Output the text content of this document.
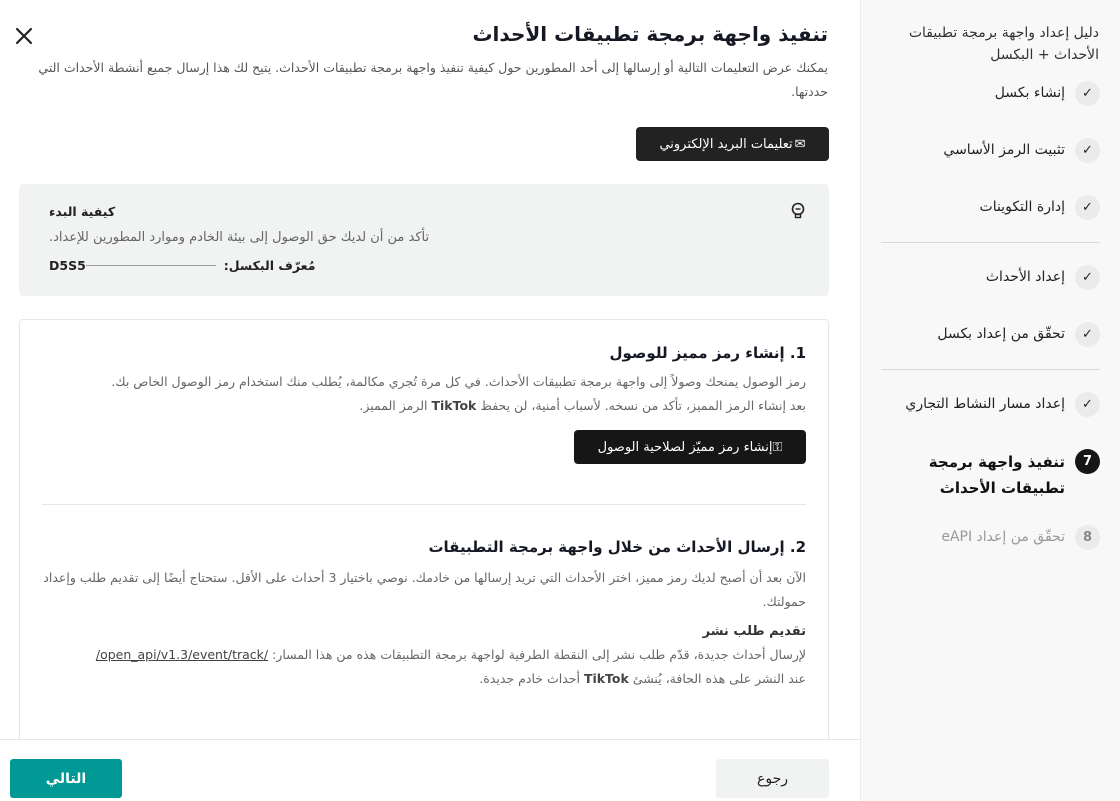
تنفيذ واجهة برمجة تطبيقات الأحداث
يمكنك عرض التعليمات التالية أو إرسالها إلى أحد المطورين حول كيفية تنفيذ واجهة برمجة تطبيقات الأحداث. يتيح لك هذا إرسال جميع أنشطة الأحداث التي حددتها.
✉
تعليمات البريد الإلكتروني
كيفية البدء
تأكد من أن لديك حق الوصول إلى بيئة الخادم وموارد المطورين للإعداد.
D5S5	مُعرّف البكسل:
1. إنشاء رمز مميز للوصول
رمز الوصول يمنحك وصولاً إلى واجهة برمجة تطبيقات الأحداث. في كل مرة تُجري مكالمة، يُطلب منك استخدام رمز الوصول الخاص بك.
بعد إنشاء الرمز المميز، تأكد من نسخه. لأسباب أمنية، لن يحفظ TikTok الرمز المميز.
⚿
إنشاء رمز مميّز لصلاحية الوصول
2. إرسال الأحداث من خلال واجهة برمجة التطبيقات
الآن بعد أن أصبح لديك رمز مميز، اختر الأحداث التي تريد إرسالها من خادمك. نوصي باختيار 3 أحداث على الأقل. ستحتاج أيضًا إلى تقديم طلب وإعداد حمولتك.
تقديم طلب نشر
لإرسال أحداث جديدة، قدّم طلب نشر إلى النقطة الطرفية لواجهة برمجة التطبيقات هذه من هذا المسار: /open_api/v1.3/event/track/
عند النشر على هذه الحافة، يُنشئ TikTok أحداث خادم جديدة.
التالي	رجوع
دليل إعداد واجهة برمجة تطبيقات الأحداث + البكسل
✓
إنشاء بكسل
✓
تثبيت الرمز الأساسي
✓
إدارة التكوينات
✓
إعداد الأحداث
✓
تحقّق من إعداد بكسل
✓
إعداد مسار النشاط التجاري
7
تنفيذ واجهة برمجة تطبيقات الأحداث
8
تحقّق من إعداد eAPI
